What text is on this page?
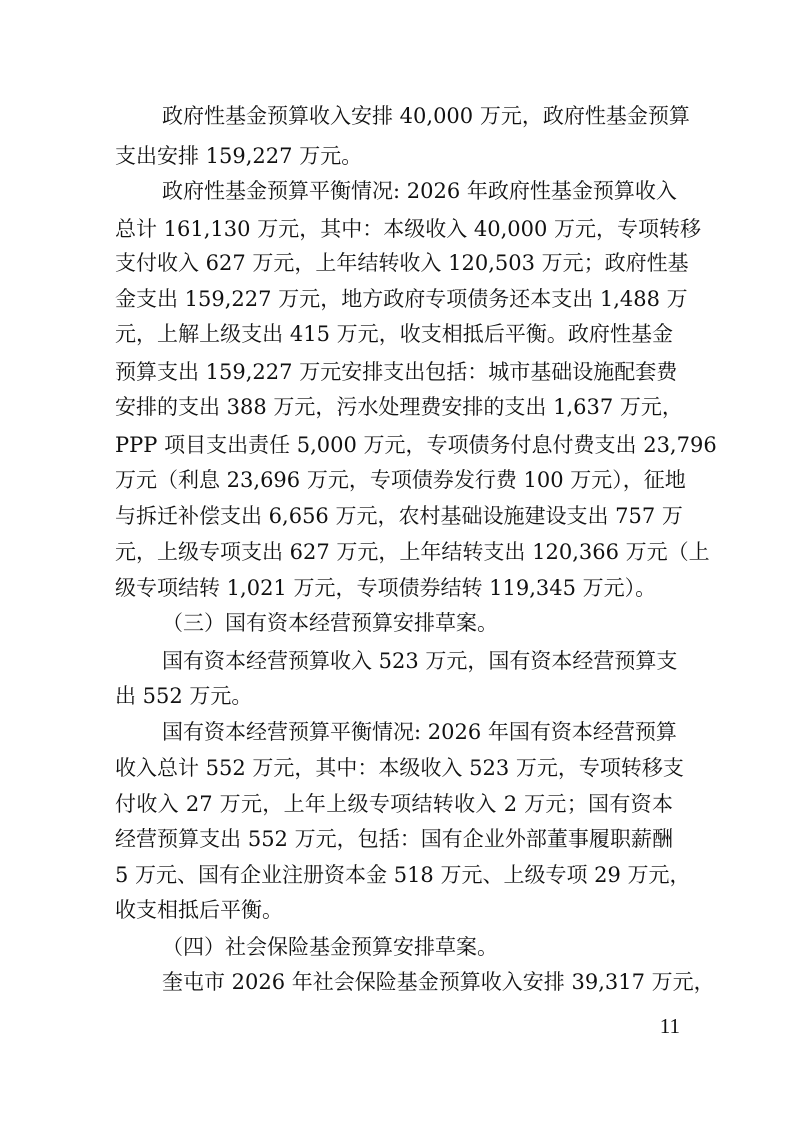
政府性基金预算收入安排 40,000 万元，政府性基金预算
支出安排 159,227 万元。
政府性基金预算平衡情况: 2026 年政府性基金预算收入
总计 161,130 万元，其中：本级收入 40,000 万元，专项转移
支付收入 627 万元，上年结转收入 120,503 万元；政府性基
金支出 159,227 万元，地方政府专项债务还本支出 1,488 万
元，上解上级支出 415 万元，收支相抵后平衡。政府性基金
预算支出 159,227 万元安排支出包括：城市基础设施配套费
安排的支出 388 万元，污水处理费安排的支出 1,637 万元，
PPP 项目支出责任 5,000 万元，专项债务付息付费支出 23,796
万元（利息 23,696 万元，专项债券发行费 100 万元），征地
与拆迁补偿支出 6,656 万元，农村基础设施建设支出 757 万
元，上级专项支出 627 万元，上年结转支出 120,366 万元（上
级专项结转 1,021 万元，专项债券结转 119,345 万元）。
（三）国有资本经营预算安排草案。
国有资本经营预算收入 523 万元，国有资本经营预算支
出 552 万元。
国有资本经营预算平衡情况: 2026 年国有资本经营预算
收入总计 552 万元，其中：本级收入 523 万元，专项转移支
付收入 27 万元，上年上级专项结转收入 2 万元；国有资本
经营预算支出 552 万元，包括：国有企业外部董事履职薪酬
5 万元、国有企业注册资本金 518 万元、上级专项 29 万元，
收支相抵后平衡。
（四）社会保险基金预算安排草案。
奎屯市 2026 年社会保险基金预算收入安排 39,317 万元，
11
